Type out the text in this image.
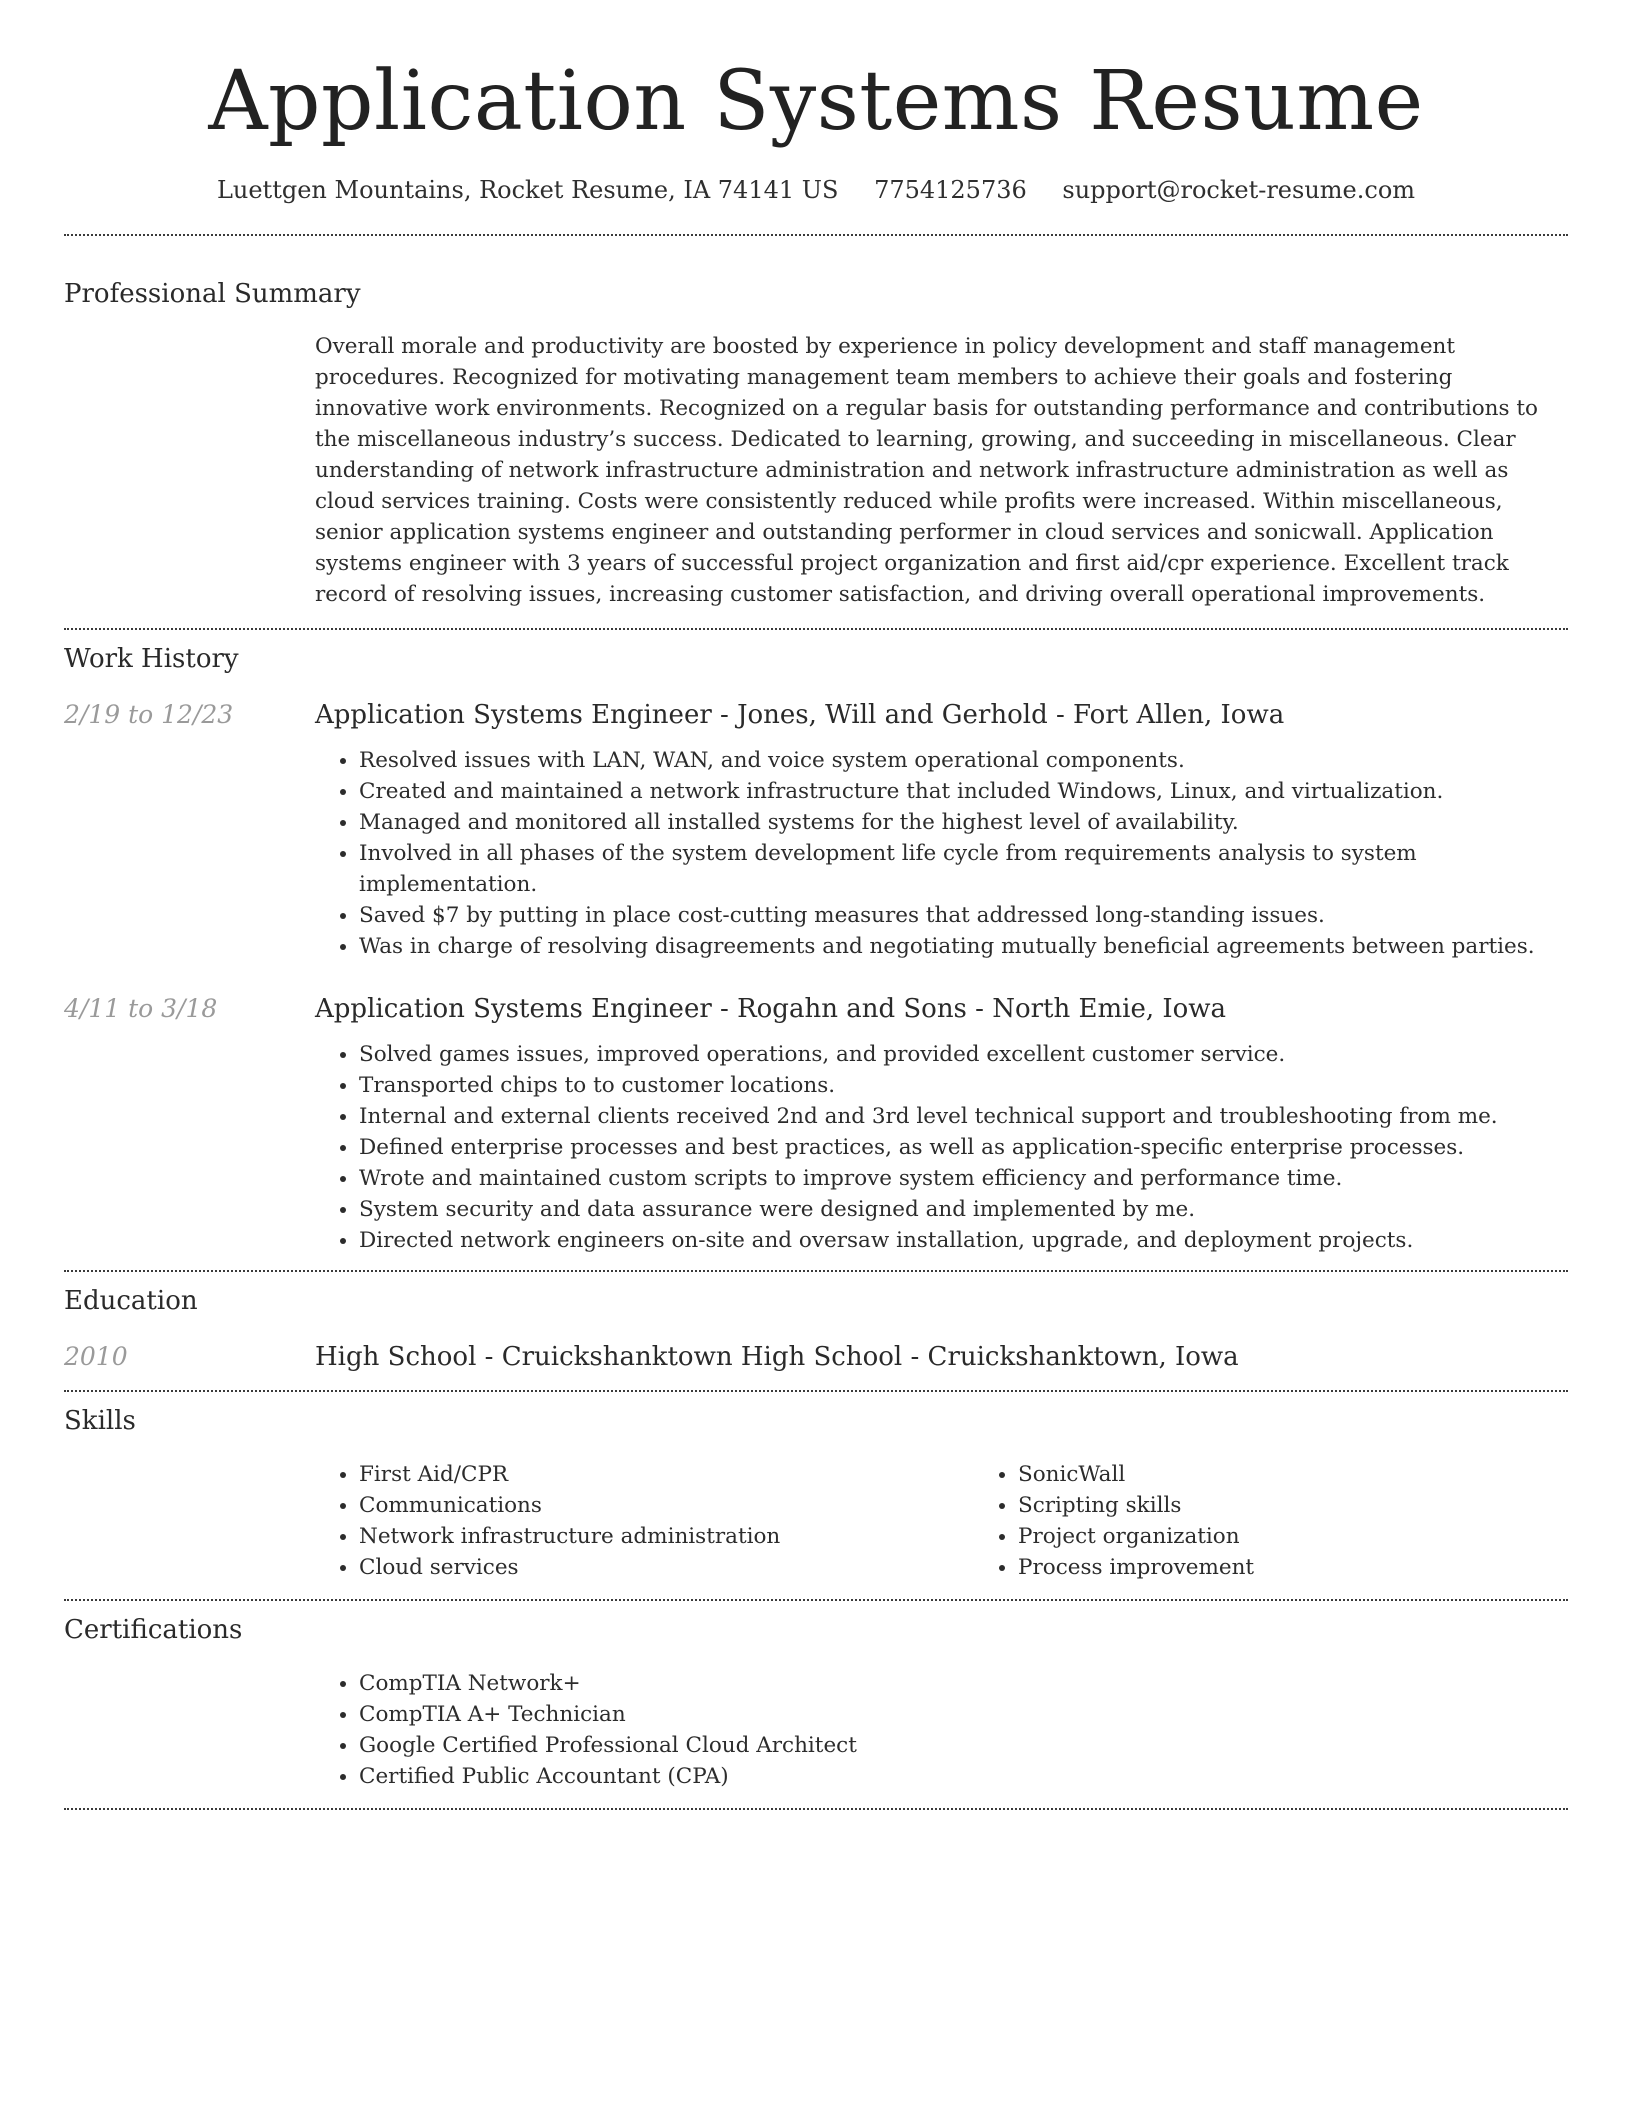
Application Systems Resume
Luettgen Mountains, Rocket Resume, IA 74141 US 7754125736 support@rocket-resume.com
Professional Summary
Overall morale and productivity are boosted by experience in policy development and staff management procedures. Recognized for motivating management team members to achieve their goals and fostering innovative work environments. Recognized on a regular basis for outstanding performance and contributions to the miscellaneous industry’s success. Dedicated to learning, growing, and succeeding in miscellaneous. Clear understanding of network infrastructure administration and network infrastructure administration as well as cloud services training. Costs were consistently reduced while profits were increased. Within miscellaneous, senior application systems engineer and outstanding performer in cloud services and sonicwall. Application systems engineer with 3 years of successful project organization and first aid/cpr experience. Excellent track record of resolving issues, increasing customer satisfaction, and driving overall operational improvements.
Work History
2/19 to 12/23	Application Systems Engineer - Jones, Will and Gerhold - Fort Allen, Iowa
• Resolved issues with LAN, WAN, and voice system operational components.
• Created and maintained a network infrastructure that included Windows, Linux, and virtualization.
• Managed and monitored all installed systems for the highest level of availability.
• Involved in all phases of the system development life cycle from requirements analysis to system implementation.
• Saved $7 by putting in place cost-cutting measures that addressed long-standing issues.
• Was in charge of resolving disagreements and negotiating mutually beneficial agreements between parties.
4/11 to 3/18	Application Systems Engineer - Rogahn and Sons - North Emie, Iowa
• Solved games issues, improved operations, and provided excellent customer service.
• Transported chips to to customer locations.
• Internal and external clients received 2nd and 3rd level technical support and troubleshooting from me.
• Defined enterprise processes and best practices, as well as application-specific enterprise processes.
• Wrote and maintained custom scripts to improve system efficiency and performance time.
• System security and data assurance were designed and implemented by me.
• Directed network engineers on-site and oversaw installation, upgrade, and deployment projects.
Education
2010	High School - Cruickshanktown High School - Cruickshanktown, Iowa
Skills
• First Aid/CPR
• Communications
• Network infrastructure administration
• Cloud services
• SonicWall
• Scripting skills
• Project organization
• Process improvement
Certifications
• CompTIA Network+
• CompTIA A+ Technician
• Google Certified Professional Cloud Architect
• Certified Public Accountant (CPA)
